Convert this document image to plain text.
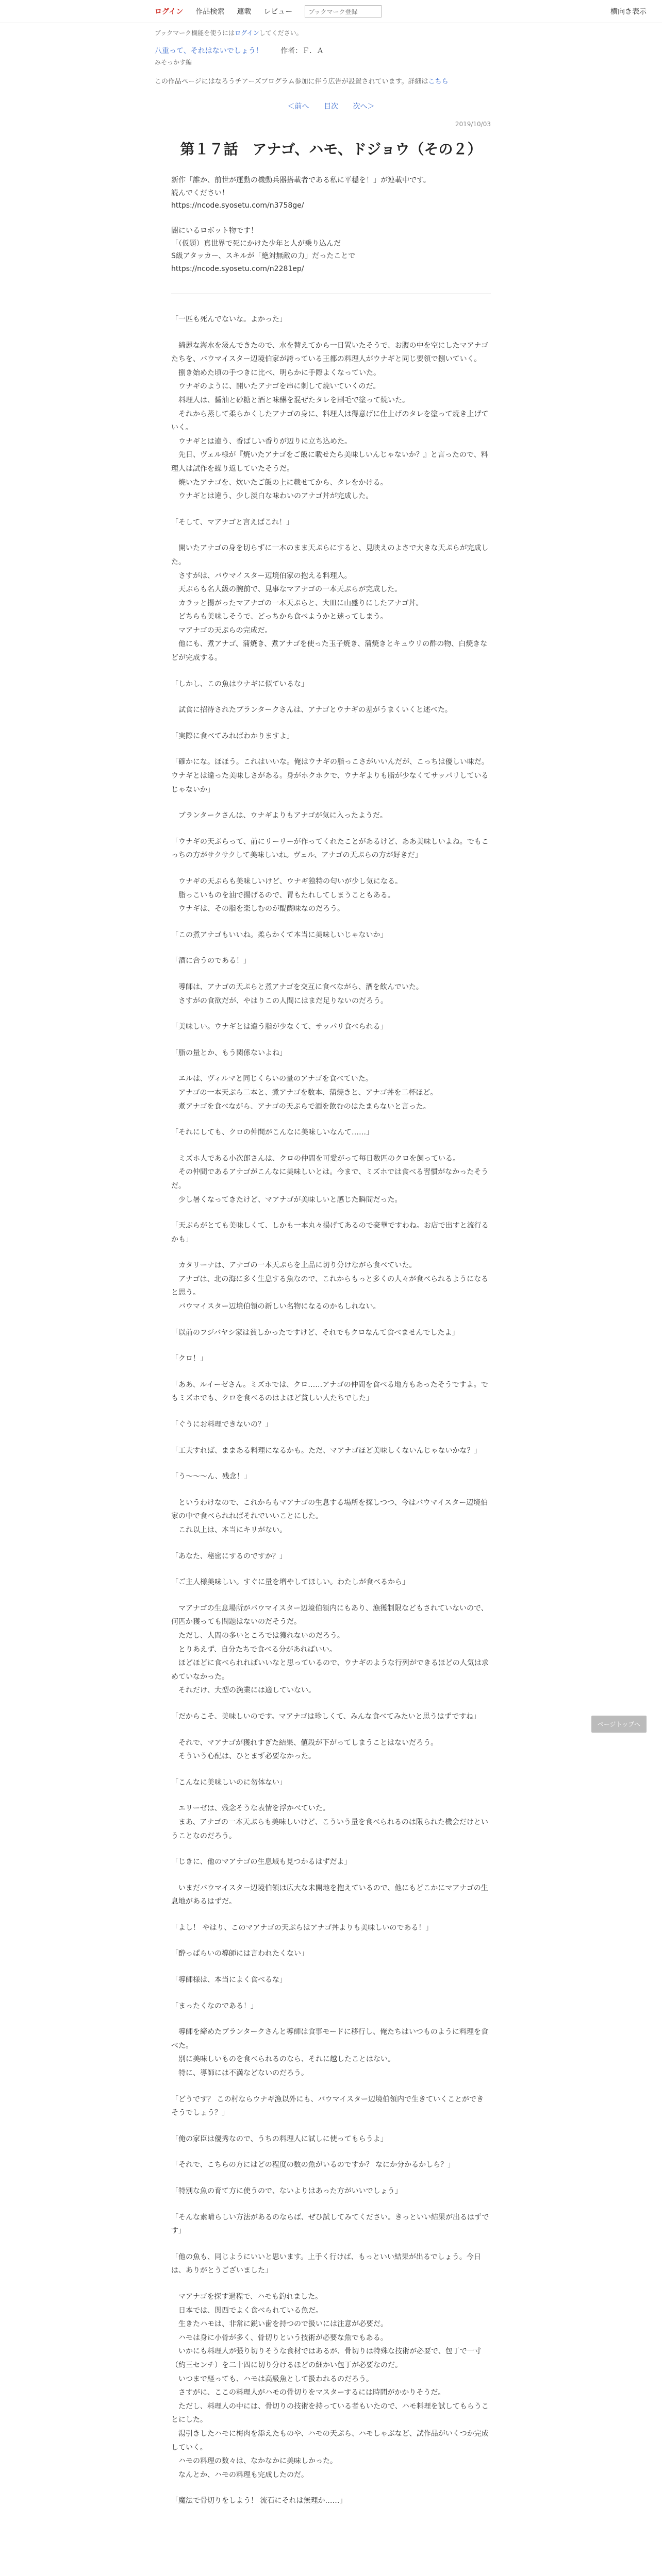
ログイン 作品検索 連載 レビュー	ブックマーク登録	横向き表示
ブックマーク機能を使うにはログインしてください。
八重って、それはないでしょう！ 作者：Ｆ．Ａ
みそっかす編
この作品ページにはなろうチアーズプログラム参加に伴う広告が設置されています。詳細はこちら
＜前へ 目次 次へ＞
2019/10/03
第１７話　アナゴ、ハモ、ドジョウ（その２）
新作「誰か、前世が運動の機動兵器搭載者である私に平穏を！」が連載中です。
読んでください！
https://ncode.syosetu.com/n3758ge/

闇にいるロボット物です！
「（仮題）真世界で死にかけた少年と人が乗り込んだ
S級アタッカー、スキルが「絶対無敵の力」だったことで
https://ncode.syosetu.com/n2281ep/

「一匹も死んでないな。よかった」

　綺麗な海水を汲んできたので、水を替えてから一日置いたそうで、お腹の中を空にしたマアナゴたちを、バウマイスター辺境伯家が誇っている王都の料理人がウナギと同じ要領で捌いていく。
　捌き始めた頃の手つきに比べ、明らかに手際よくなっていた。
　ウナギのように、開いたアナゴを串に刺して焼いていくのだ。
　料理人は、醤油と砂糖と酒と味醂を混ぜたタレを刷毛で塗って焼いた。
　それから蒸して柔らかくしたアナゴの身に、料理人は得意げに仕上げのタレを塗って焼き上げていく。
　ウナギとは違う、香ばしい香りが辺りに立ち込めた。
　先日、ヴェル様が『焼いたアナゴをご飯に載せたら美味しいんじゃないか？』と言ったので、料理人は試作を繰り返していたそうだ。
　焼いたアナゴを、炊いたご飯の上に載せてから、タレをかける。
　ウナギとは違う、少し淡白な味わいのアナゴ丼が完成した。

「そして、マアナゴと言えばこれ！」

　開いたアナゴの身を切らずに一本のまま天ぷらにすると、見映えのよさで大きな天ぷらが完成した。
　さすがは、バウマイスター辺境伯家の抱える料理人。
　天ぷらも名人級の腕前で、見事なマアナゴの一本天ぷらが完成した。
　カラッと揚がったマアナゴの一本天ぷらと、大皿に山盛りにしたアナゴ丼。
　どちらも美味しそうで、どっちから食べようかと迷ってしまう。
　マアナゴの天ぷらの完成だ。
　他にも、煮アナゴ、蒲焼き、煮アナゴを使った玉子焼き、蒲焼きとキュウリの酢の物、白焼きなどが完成する。

「しかし、この魚はウナギに似ているな」

　試食に招待されたブランタークさんは、アナゴとウナギの差がうまくいくと述べた。

「実際に食べてみればわかりますよ」

「確かにな。ほほう。これはいいな。俺はウナギの脂っこさがいいんだが、こっちは優しい味だ。ウナギとは違った美味しさがある。身がホクホクで、ウナギよりも脂が少なくてサッパリしているじゃないか」

　ブランタークさんは、ウナギよりもアナゴが気に入ったようだ。

「ウナギの天ぷらって、前にリーリーが作ってくれたことがあるけど、ああ美味しいよね。でもこっちの方がサクサクして美味しいね。ヴェル、アナゴの天ぷらの方が好きだ」

　ウナギの天ぷらも美味しいけど、ウナギ独特の匂いが少し気になる。
　脂っこいものを油で揚げるので、胃もたれしてしまうこともある。
　ウナギは、その脂を楽しむのが醍醐味なのだろう。

「この煮アナゴもいいね。柔らかくて本当に美味しいじゃないか」

「酒に合うのである！」

　導師は、アナゴの天ぷらと煮アナゴを交互に食べながら、酒を飲んでいた。
　さすがの食欲だが、やはりこの人間にはまだ足りないのだろう。

「美味しい。ウナギとは違う脂が少なくて、サッパリ食べられる」

「脂の量とか、もう関係ないよね」

　エルは、ヴィルマと同じくらいの量のアナゴを食べていた。
　アナゴの一本天ぷら二本と、煮アナゴを数本、蒲焼きと、アナゴ丼を二杯ほど。
　煮アナゴを食べながら、アナゴの天ぷらで酒を飲むのはたまらないと言った。

「それにしても、クロの仲間がこんなに美味しいなんて……」

　ミズホ人である小次郎さんは、クロの仲間を可愛がって毎日数匹のクロを飼っている。
　その仲間であるアナゴがこんなに美味しいとは。今まで、ミズホでは食べる習慣がなかったそうだ。
　少し暑くなってきたけど、マアナゴが美味しいと感じた瞬間だった。

「天ぷらがとても美味しくて、しかも一本丸々揚げてあるので豪華ですわね。お店で出すと流行るかも」

　カタリーナは、アナゴの一本天ぷらを上品に切り分けながら食べていた。
　アナゴは、北の海に多く生息する魚なので、これからもっと多くの人々が食べられるようになると思う。
　バウマイスター辺境伯領の新しい名物になるのかもしれない。

「以前のフジバヤシ家は貧しかったですけど、それでもクロなんて食べませんでしたよ」

「クロ！」

「ああ、ルイーゼさん。ミズホでは、クロ……アナゴの仲間を食べる地方もあったそうですよ。でもミズホでも、クロを食べるのはよほど貧しい人たちでした」

「ぐうにお料理できないの？」

「工夫すれば、ままある料理になるかも。ただ、マアナゴほど美味しくないんじゃないかな？」

「う〜〜〜ん、残念！」

　というわけなので、これからもマアナゴの生息する場所を探しつつ、今はバウマイスター辺境伯家の中で食べられればそれでいいことにした。
　これ以上は、本当にキリがない。

「あなた、秘密にするのですか？」

「ご主人様美味しい。すぐに量を増やしてほしい。わたしが食べるから」

　マアナゴの生息場所がバウマイスター辺境伯領内にもあり、漁獲制限などもされていないので、何匹か獲っても問題はないのだそうだ。
　ただし、人間の多いところでは獲れないのだろう。
　とりあえず、自分たちで食べる分があればいい。
　ほどほどに食べられればいいなと思っているので、ウナギのような行列ができるほどの人気は求めていなかった。
　それだけ、大型の漁業には適していない。

「だからこそ、美味しいのです。マアナゴは珍しくて、みんな食べてみたいと思うはずですね」

　それで、マアナゴが獲れすぎた結果、値段が下がってしまうことはないだろう。
　そういう心配は、ひとまず必要なかった。

「こんなに美味しいのに勿体ない」

　エリーゼは、残念そうな表情を浮かべていた。
　まあ、アナゴの一本天ぷらも美味しいけど、こういう量を食べられるのは限られた機会だけということなのだろう。

「じきに、他のマアナゴの生息域も見つかるはずだよ」

　いまだバウマイスター辺境伯領は広大な未開地を抱えているので、他にもどこかにマアナゴの生息地があるはずだ。

「よし！ やはり、このマアナゴの天ぷらはアナゴ丼よりも美味しいのである！」

「酔っぱらいの導師には言われたくない」

「導師様は、本当によく食べるな」

「まったくなのである！」

　導師を締めたブランタークさんと導師は食事モードに移行し、俺たちはいつものように料理を食べた。
　別に美味しいものを食べられるのなら、それに越したことはない。
　特に、導師には不満などないのだろう。

「どうです？ この村ならウナギ漁以外にも、バウマイスター辺境伯領内で生きていくことができそうでしょう？」

「俺の家臣は優秀なので、うちの料理人に試しに使ってもらうよ」

「それで、こちらの方にはどの程度の数の魚がいるのですか？ なにか分かるかしら？」

「特別な魚の育て方に使うので、ないよりはあった方がいいでしょう」

「そんな素晴らしい方法があるのならば、ぜひ試してみてください。きっといい結果が出るはずです」

「他の魚も、同じようにいいと思います。上手く行けば、もっといい結果が出るでしょう。今日は、ありがとうございました」

　マアナゴを探す過程で、ハモも釣れました。
　日本では、関西でよく食べられている魚だ。
　生きたハモは、非常に鋭い歯を持つので扱いには注意が必要だ。
　ハモは身に小骨が多く、骨切りという技術が必要な魚でもある。
　いかにも料理人が張り切りそうな食材ではあるが、骨切りは特殊な技術が必要で、包丁で一寸（約三センチ）を二十四に切り分けるほどの細かい包丁が必要なのだ。
　いつまで経っても、ハモは高級魚として扱われるのだろう。
　さすがに、ここの料理人がハモの骨切りをマスターするには時間がかかりそうだ。
　ただし、料理人の中には、骨切りの技術を持っている者もいたので、ハモ料理を試してもらうことにした。
　湯引きしたハモに梅肉を添えたものや、ハモの天ぷら、ハモしゃぶなど、試作品がいくつか完成していく。
　ハモの料理の数々は、なかなかに美味しかった。
　なんとか、ハモの料理も完成したのだ。

「魔法で骨切りをしよう！ 流石にそれは無理か……」

ページトップへ
